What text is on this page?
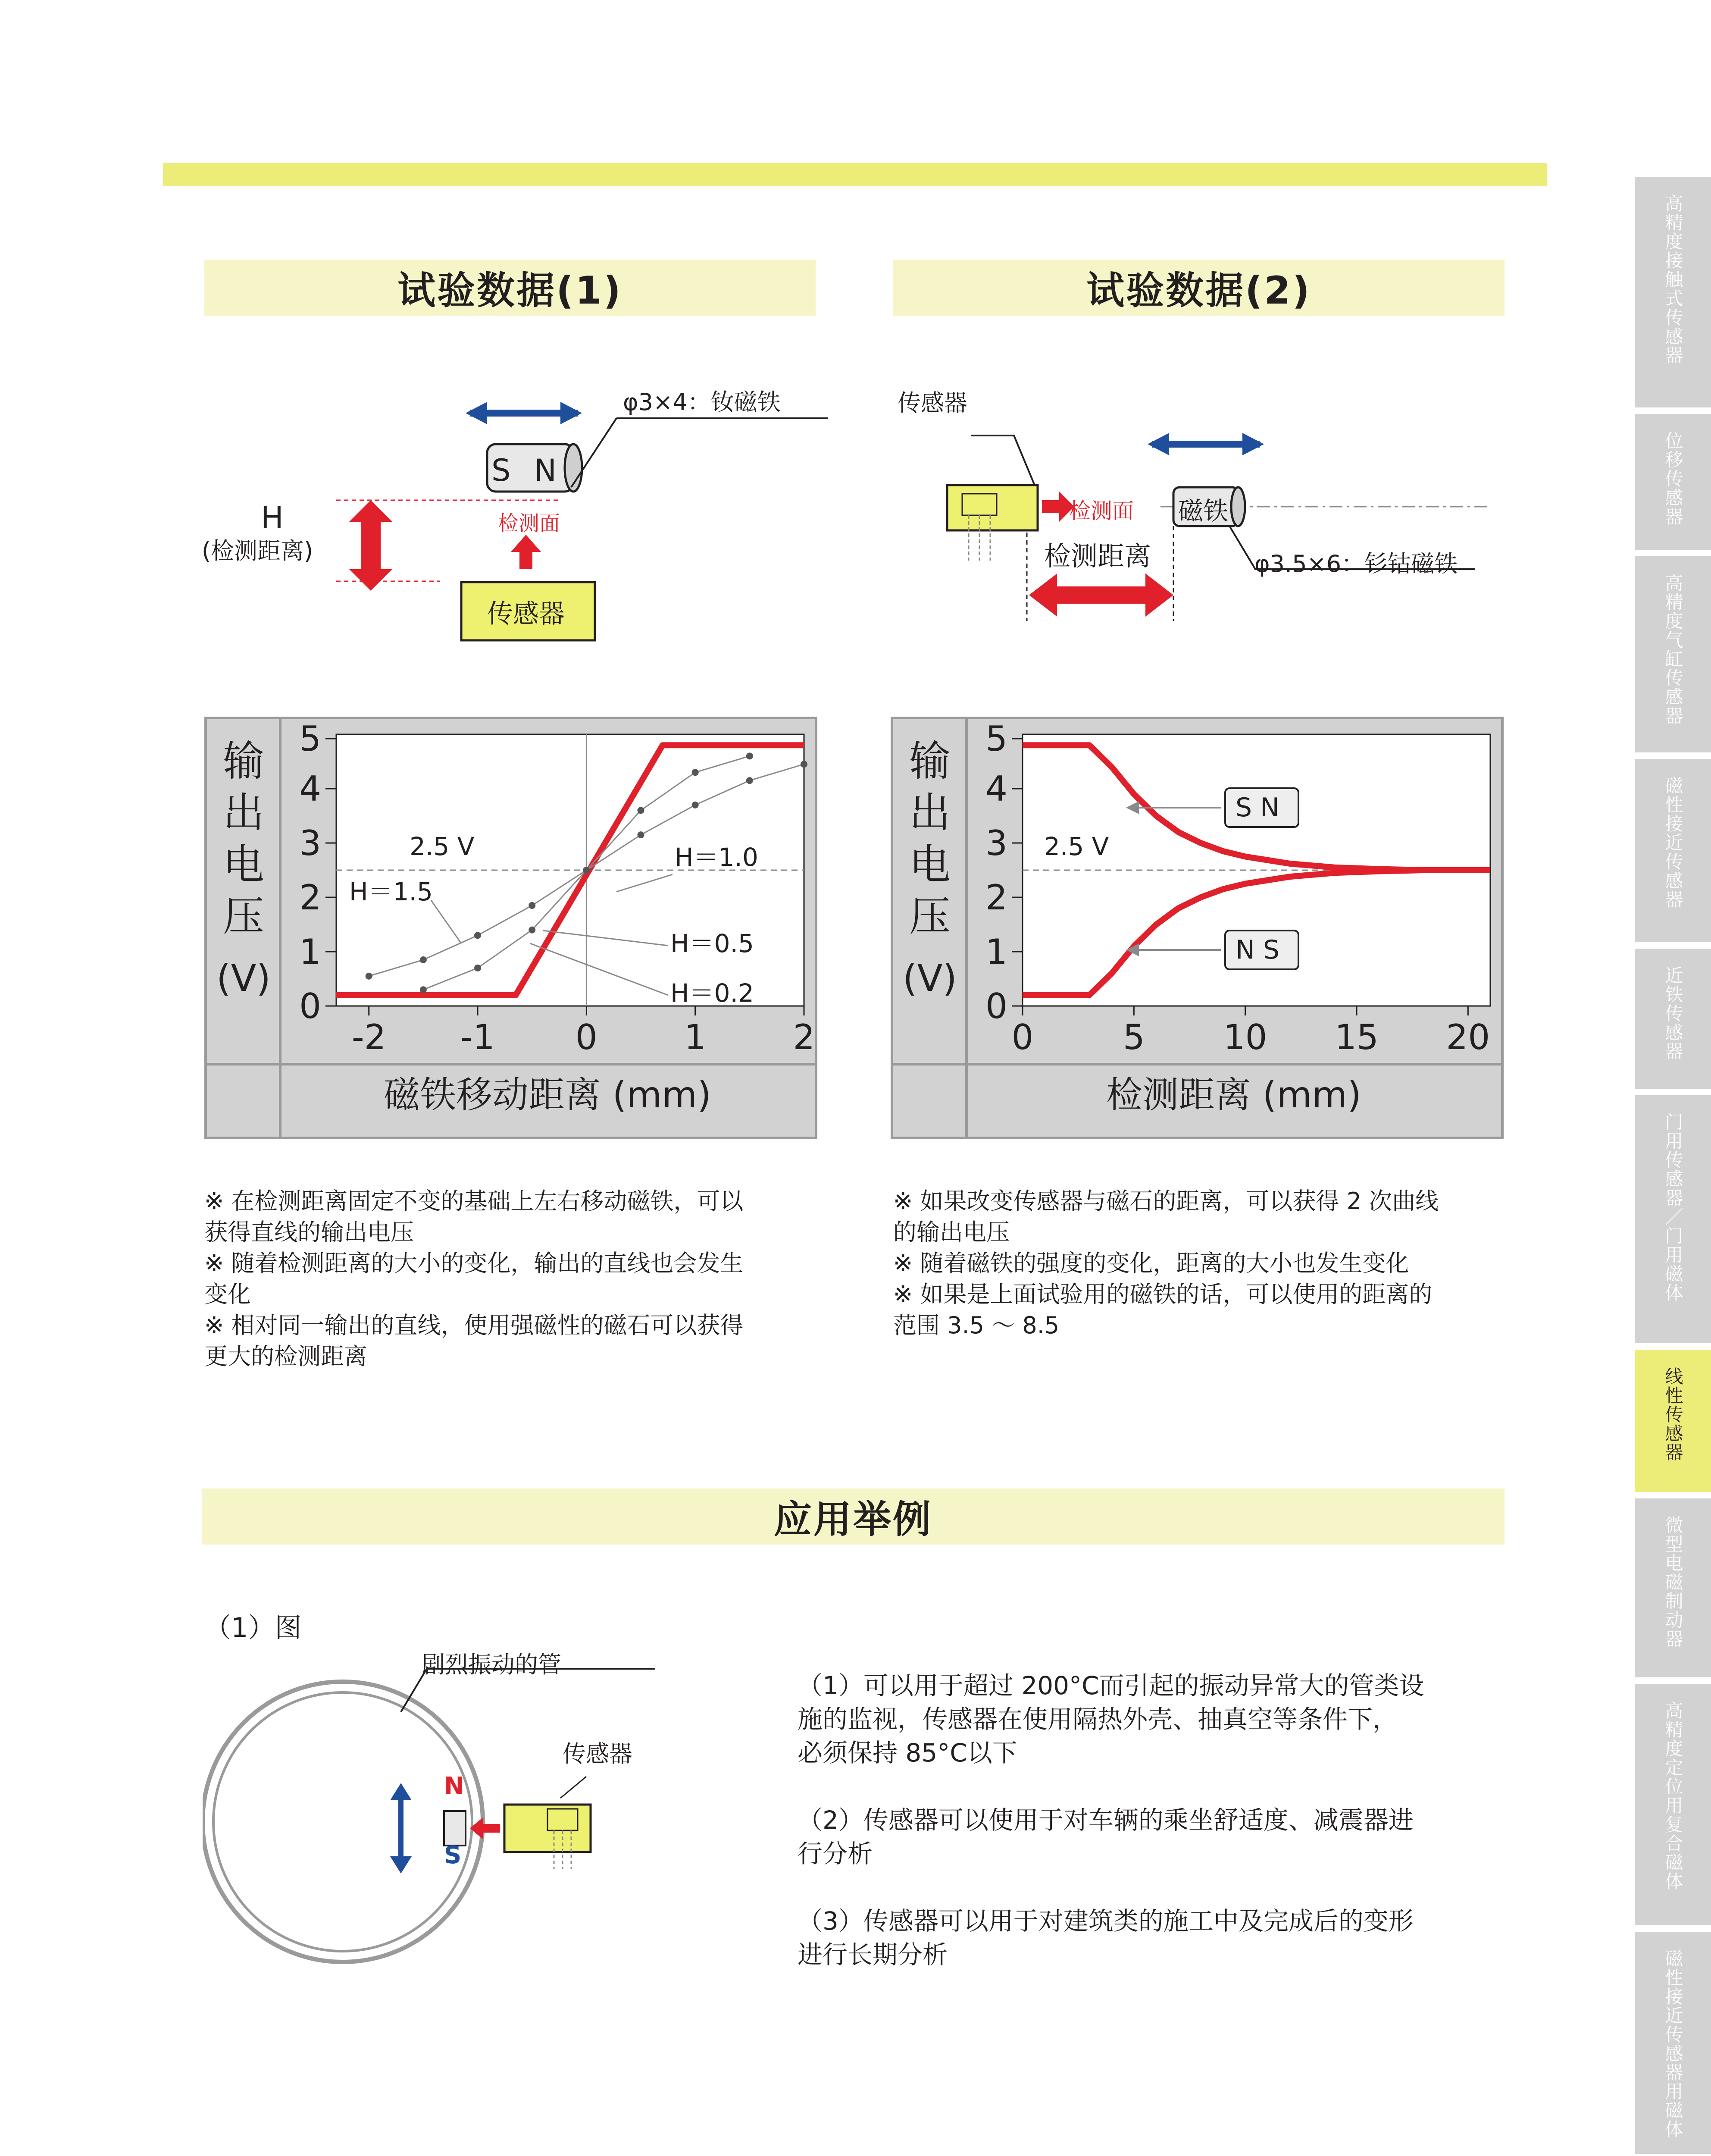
试验数据(1)	试验数据(2)
φ3×4：钕磁铁
S N
检测面
H
(检测距离)
传感器
传感器
检测面 磁铁
检测距离	φ3.5×6：钐钴磁铁
0
1
2
3
4
5
-2 -1 0	1	2
2.5 V
输
出
电
压
(V)
磁铁移动距离 (mm)
H＝1.5
H＝1.0
H＝0.5
H＝0.2	0
1
2
3
4
5
0	5 10 15 20
2.5 V
输
出
电
压
(V)
检测距离 (mm)
S N
N S
※ 在检测距离固定不变的基础上左右移动磁铁，可以
获得直线的输出电压
※ 随着检测距离的大小的变化，输出的直线也会发生
变化
※ 相对同一输出的直线，使用强磁性的磁石可以获得
更大的检测距离
※ 如果改变传感器与磁石的距离，可以获得 2 次曲线
的输出电压
※ 随着磁铁的强度的变化，距离的大小也发生变化
※ 如果是上面试验用的磁铁的话，可以使用的距离的
范围 3.5 ～ 8.5
应用举例
（1）图
剧烈振动的管
传感器
N
S
（1）可以用于超过 200°C而引起的振动异常大的管类设
施的监视，传感器在使用隔热外壳、抽真空等条件下，
必须保持 85°C以下

（2）传感器可以使用于对车辆的乘坐舒适度、减震器进
行分析

（3）传感器可以用于对建筑类的施工中及完成后的变形
进行长期分析
高精度接触式传感器
位移传感器
高精度气缸传感器
磁性接近传感器
近铁传感器
门用传感器／门用磁体
线性传感器
微型电磁制动器
高精度定位用复合磁体
磁性接近传感器用磁体
